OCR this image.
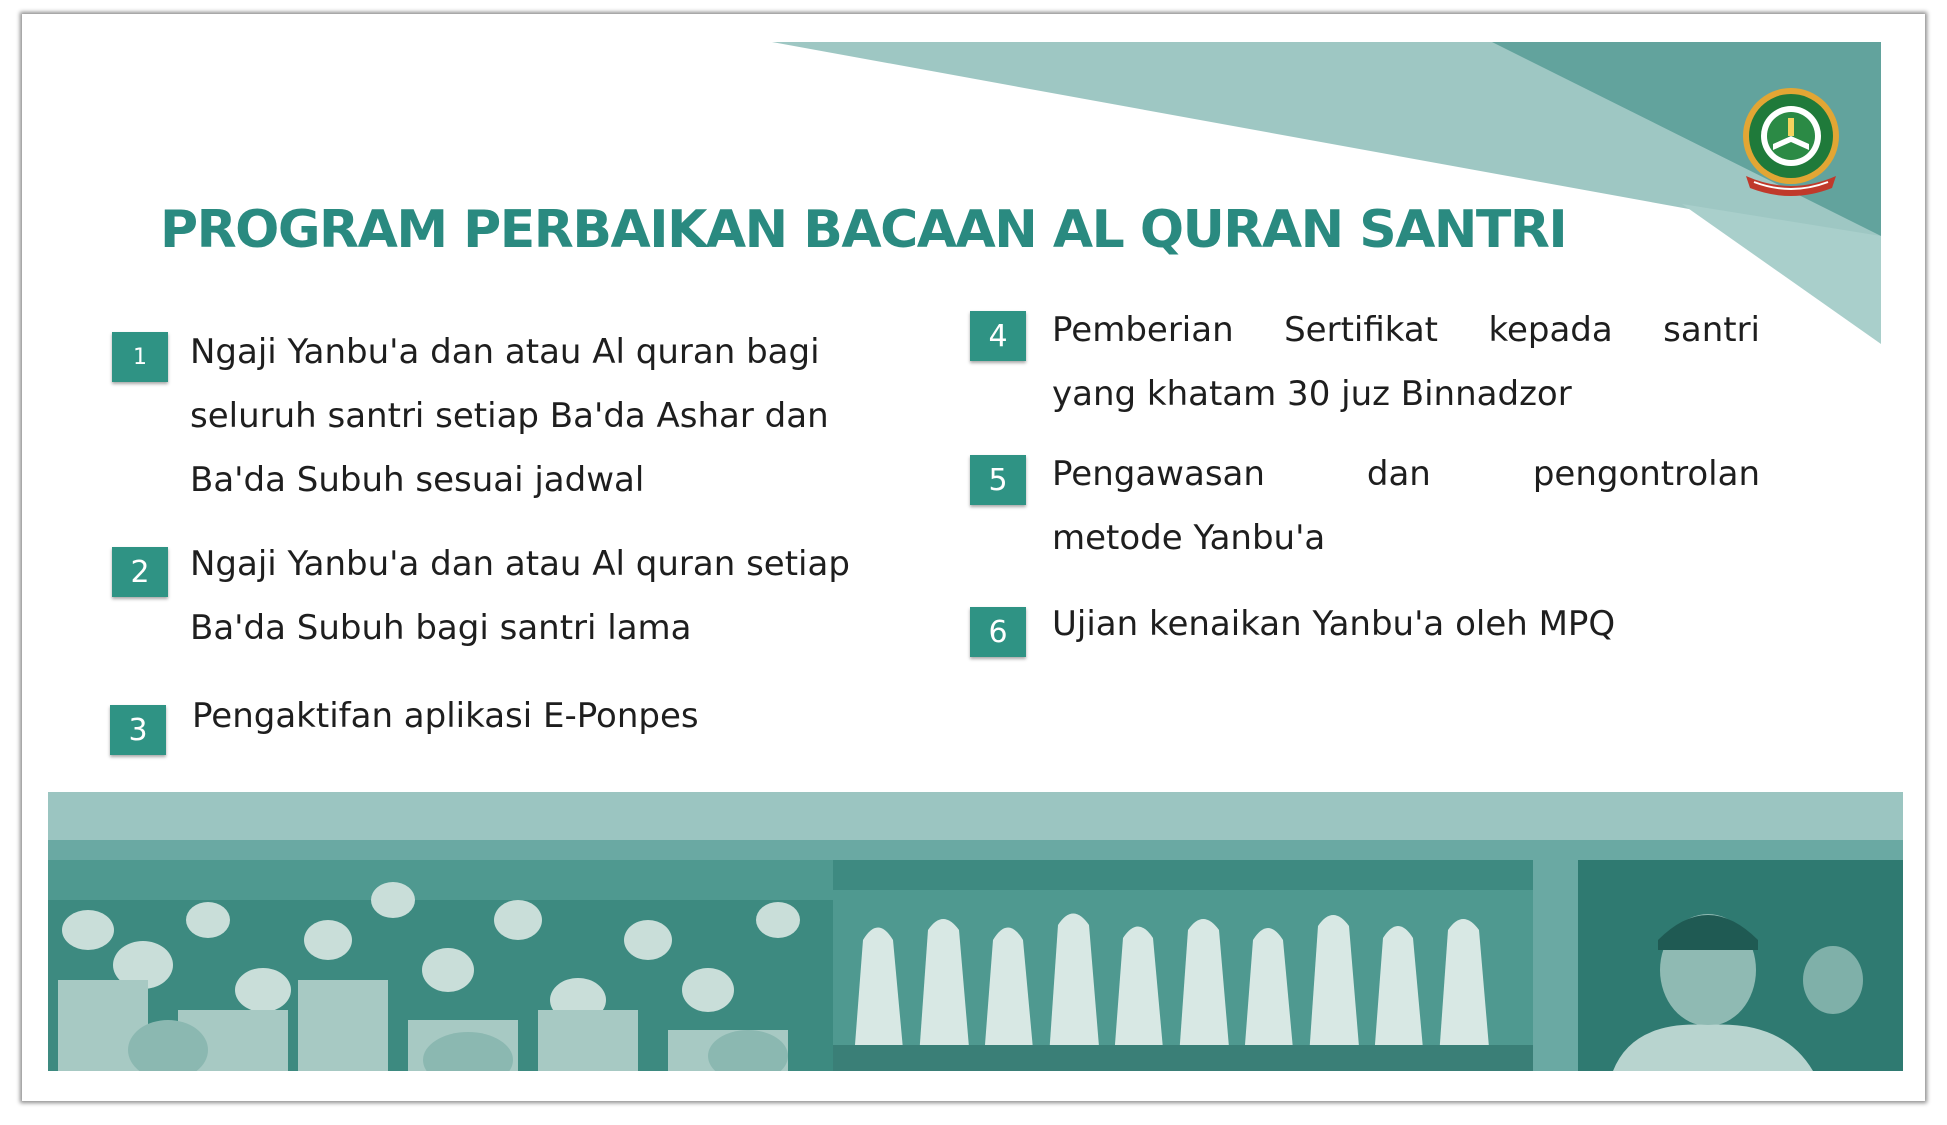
PROGRAM PERBAIKAN BACAAN AL QURAN SANTRI
1	Ngaji Yanbu'a dan atau Al quran bagi
seluruh santri setiap Ba'da Ashar dan
Ba'da Subuh sesuai jadwal

2	Ngaji Yanbu'a dan atau Al quran setiap
Ba'da Subuh bagi santri lama

3	Pengaktifan aplikasi E-Ponpes

4	Pemberian Sertifikat kepada santri

yang khatam 30 juz Binnadzor

5	Pengawasan dan pengontrolan

metode Yanbu'a

6	Ujian kenaikan Yanbu'a oleh MPQ
